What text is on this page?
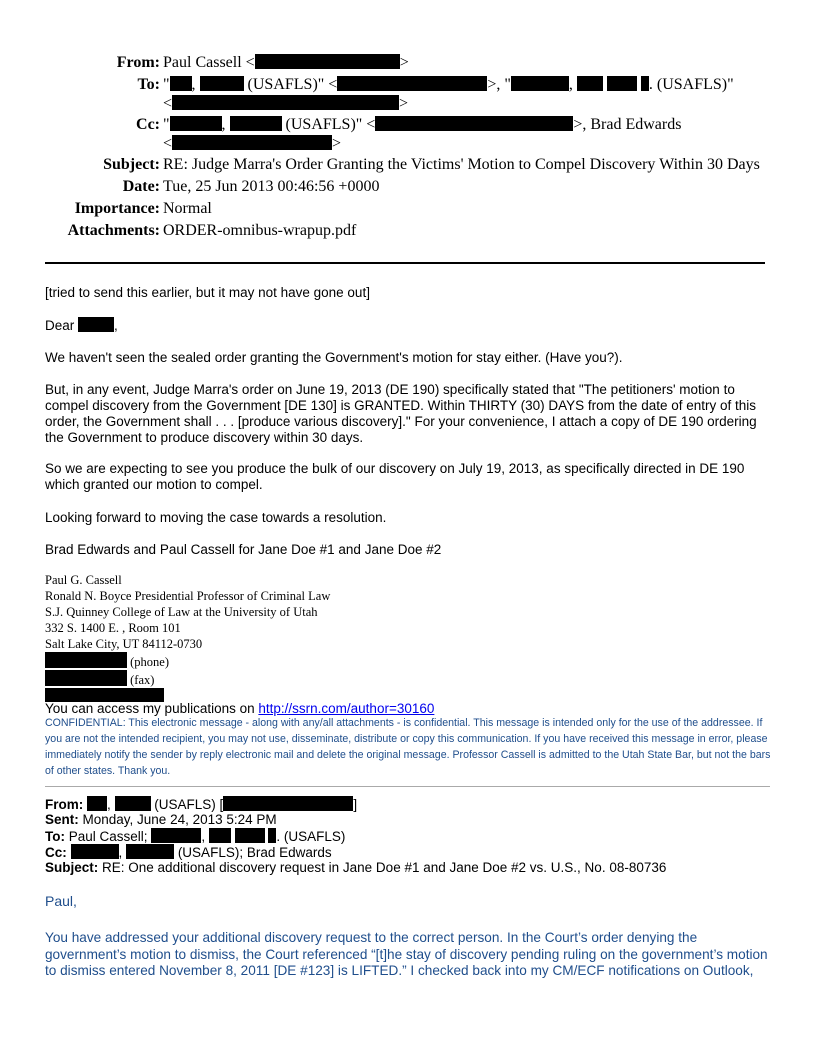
From: Paul Cassell <	>
To: " ,	(USAFLS)" <	>, "	,	. (USAFLS)"
<	>
Cc: "	,	(USAFLS)" <	>, Brad Edwards
<	>
Subject: RE: Judge Marra's Order Granting the Victims' Motion to Compel Discovery Within 30 Days
Date: Tue, 25 Jun 2013 00:46:56 +0000
Importance: Normal
Attachments: ORDER-omnibus-wrapup.pdf
[tried to send this earlier, but it may not have gone out]
Dear	,
We haven't seen the sealed order granting the Government's motion for stay either. (Have you?).
But, in any event, Judge Marra's order on June 19, 2013 (DE 190) specifically stated that "The petitioners' motion to compel discovery from the Government [DE 130] is GRANTED. Within THIRTY (30) DAYS from the date of entry of this order, the Government shall . . . [produce various discovery]." For your convenience, I attach a copy of DE 190 ordering the Government to produce discovery within 30 days.
So we are expecting to see you produce the bulk of our discovery on July 19, 2013, as specifically directed in DE 190 which granted our motion to compel.
Looking forward to moving the case towards a resolution.
Brad Edwards and Paul Cassell for Jane Doe #1 and Jane Doe #2
Paul G. Cassell
Ronald N. Boyce Presidential Professor of Criminal Law
S.J. Quinney College of Law at the University of Utah
332 S. 1400 E. , Room 101
Salt Lake City, UT 84112-0730
(phone)
(fax)
You can access my publications on http://ssrn.com/author=30160
CONFIDENTIAL: This electronic message - along with any/all attachments - is confidential. This message is intended only for the use of the addressee. If you are not the intended recipient, you may not use, disseminate, distribute or copy this communication. If you have received this message in error, please immediately notify the sender by reply electronic mail and delete the original message. Professor Cassell is admitted to the Utah State Bar, but not the bars of other states. Thank you.
From: ,	(USAFLS) [	]
Sent: Monday, June 24, 2013 5:24 PM
To: Paul Cassell;	,	. (USAFLS)
Cc:	,	(USAFLS); Brad Edwards
Subject: RE: One additional discovery request in Jane Doe #1 and Jane Doe #2 vs. U.S., No. 08-80736
Paul,
You have addressed your additional discovery request to the correct person. In the Court’s order denying the government’s motion to dismiss, the Court referenced “[t]he stay of discovery pending ruling on the government’s motion to dismiss entered November 8, 2011 [DE #123] is LIFTED.” I checked back into my CM/ECF notifications on Outlook,
